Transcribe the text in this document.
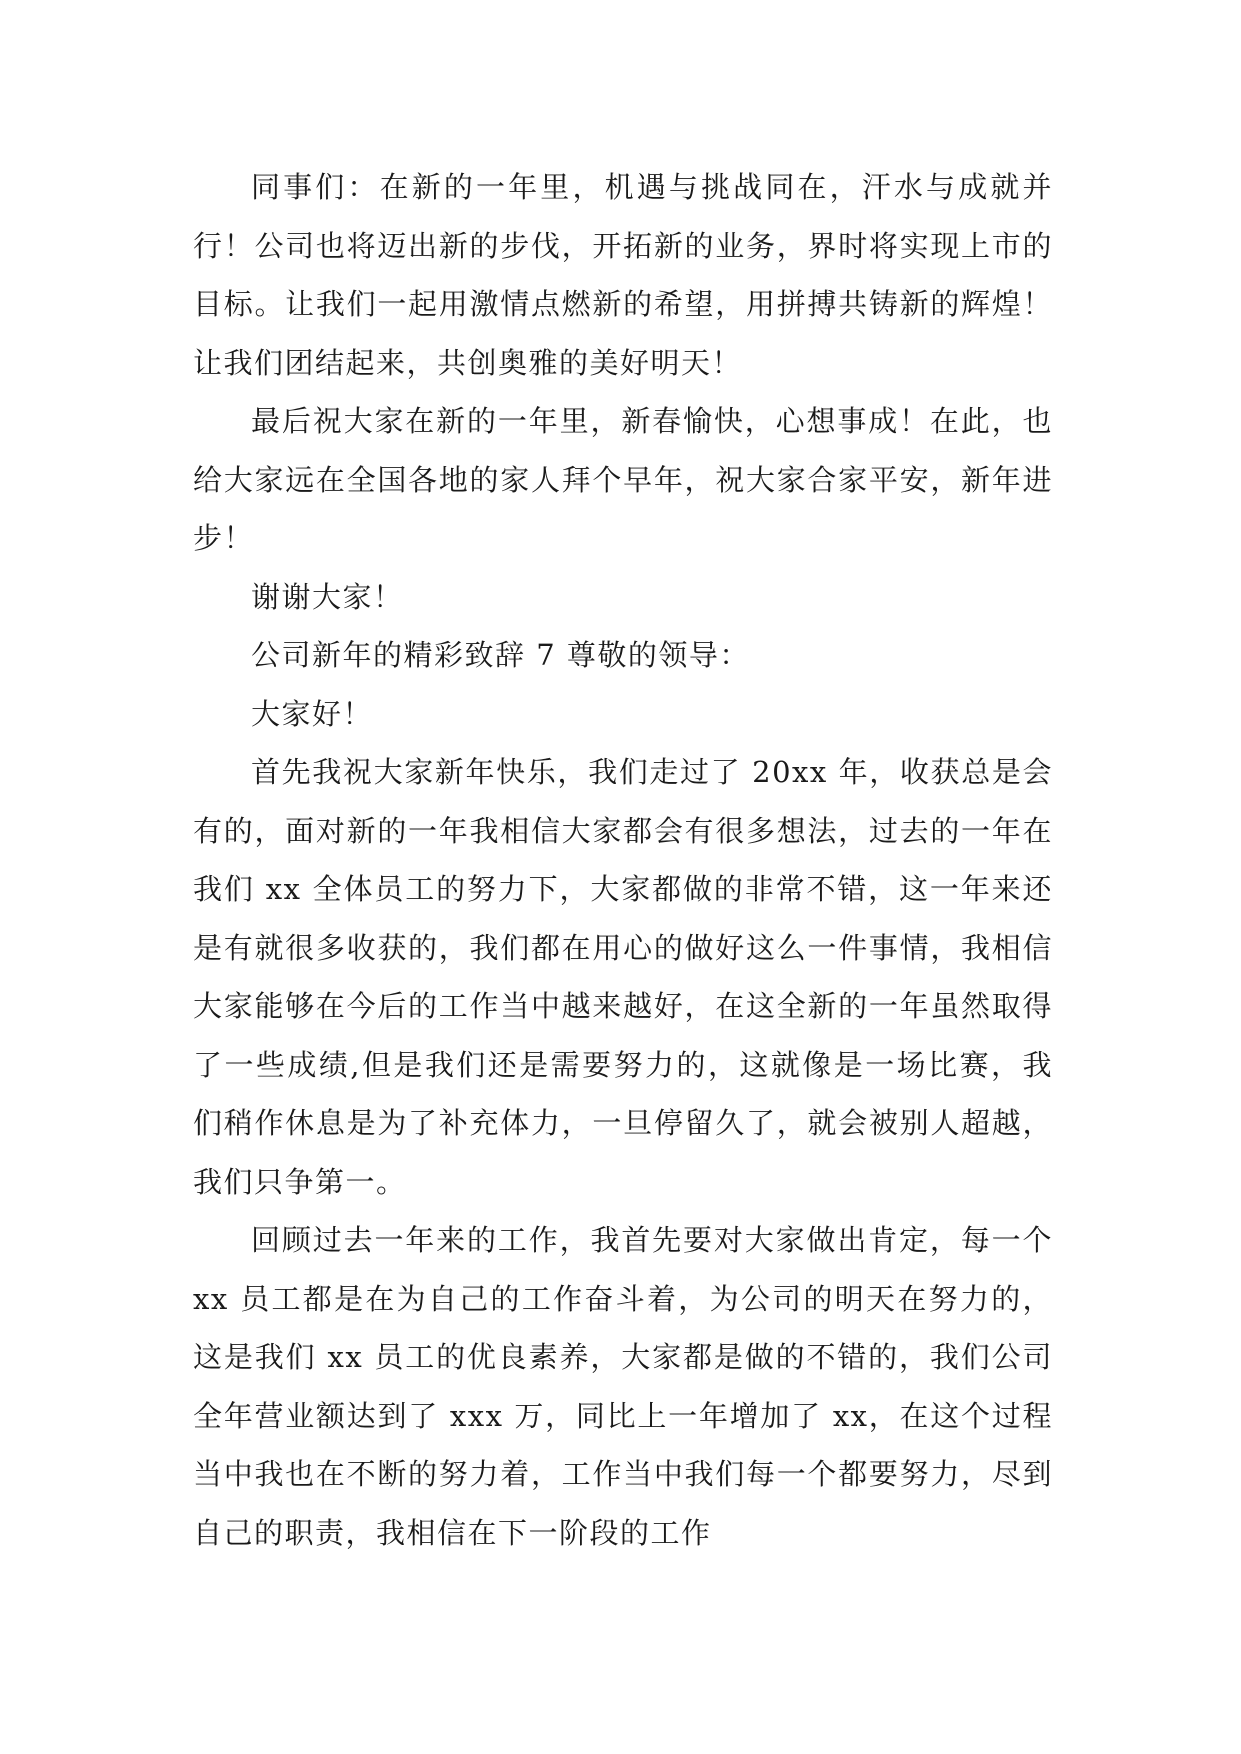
同事们：在新的一年里，机遇与挑战同在，汗水与成就并行！公司也将迈出新的步伐，开拓新的业务，界时将实现上市的目标。让我们一起用激情点燃新的希望，用拼搏共铸新的辉煌！让我们团结起来，共创奥雅的美好明天！

最后祝大家在新的一年里，新春愉快，心想事成！在此，也给大家远在全国各地的家人拜个早年，祝大家合家平安，新年进步！

谢谢大家！

公司新年的精彩致辞 7 尊敬的领导：

大家好！

首先我祝大家新年快乐，我们走过了 20xx 年，收获总是会有的，面对新的一年我相信大家都会有很多想法，过去的一年在我们 xx 全体员工的努力下，大家都做的非常不错，这一年来还是有就很多收获的，我们都在用心的做好这么一件事情，我相信大家能够在今后的工作当中越来越好，在这全新的一年虽然取得了一些成绩,但是我们还是需要努力的，这就像是一场比赛，我们稍作休息是为了补充体力，一旦停留久了，就会被别人超越，我们只争第一。

回顾过去一年来的工作，我首先要对大家做出肯定，每一个 xx 员工都是在为自己的工作奋斗着，为公司的明天在努力的，这是我们 xx 员工的优良素养，大家都是做的不错的，我们公司全年营业额达到了 xxx 万，同比上一年增加了 xx，在这个过程当中我也在不断的努力着，工作当中我们每一个都要努力，尽到自己的职责，我相信在下一阶段的工作
